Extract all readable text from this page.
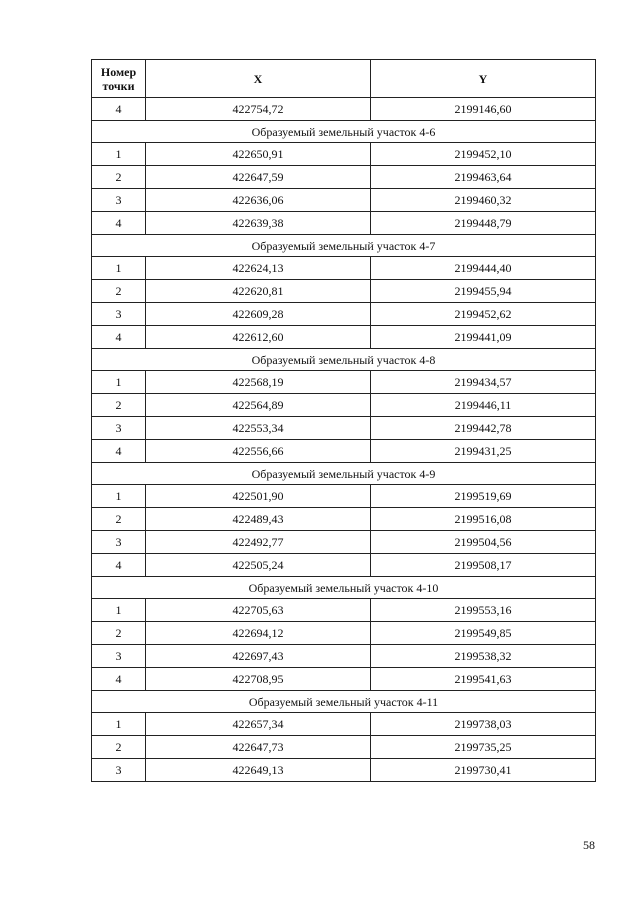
Номер точки	X	Y
4	422754,72	2199146,60
Образуемый земельный участок 4-6		
1	422650,91	2199452,10
2	422647,59	2199463,64
3	422636,06	2199460,32
4	422639,38	2199448,79
Образуемый земельный участок 4-7		
1	422624,13	2199444,40
2	422620,81	2199455,94
3	422609,28	2199452,62
4	422612,60	2199441,09
Образуемый земельный участок 4-8		
1	422568,19	2199434,57
2	422564,89	2199446,11
3	422553,34	2199442,78
4	422556,66	2199431,25
Образуемый земельный участок 4-9		
1	422501,90	2199519,69
2	422489,43	2199516,08
3	422492,77	2199504,56
4	422505,24	2199508,17
Образуемый земельный участок 4-10		
1	422705,63	2199553,16
2	422694,12	2199549,85
3	422697,43	2199538,32
4	422708,95	2199541,63
Образуемый земельный участок 4-11		
1	422657,34	2199738,03
2	422647,73	2199735,25
3	422649,13	2199730,41
58
